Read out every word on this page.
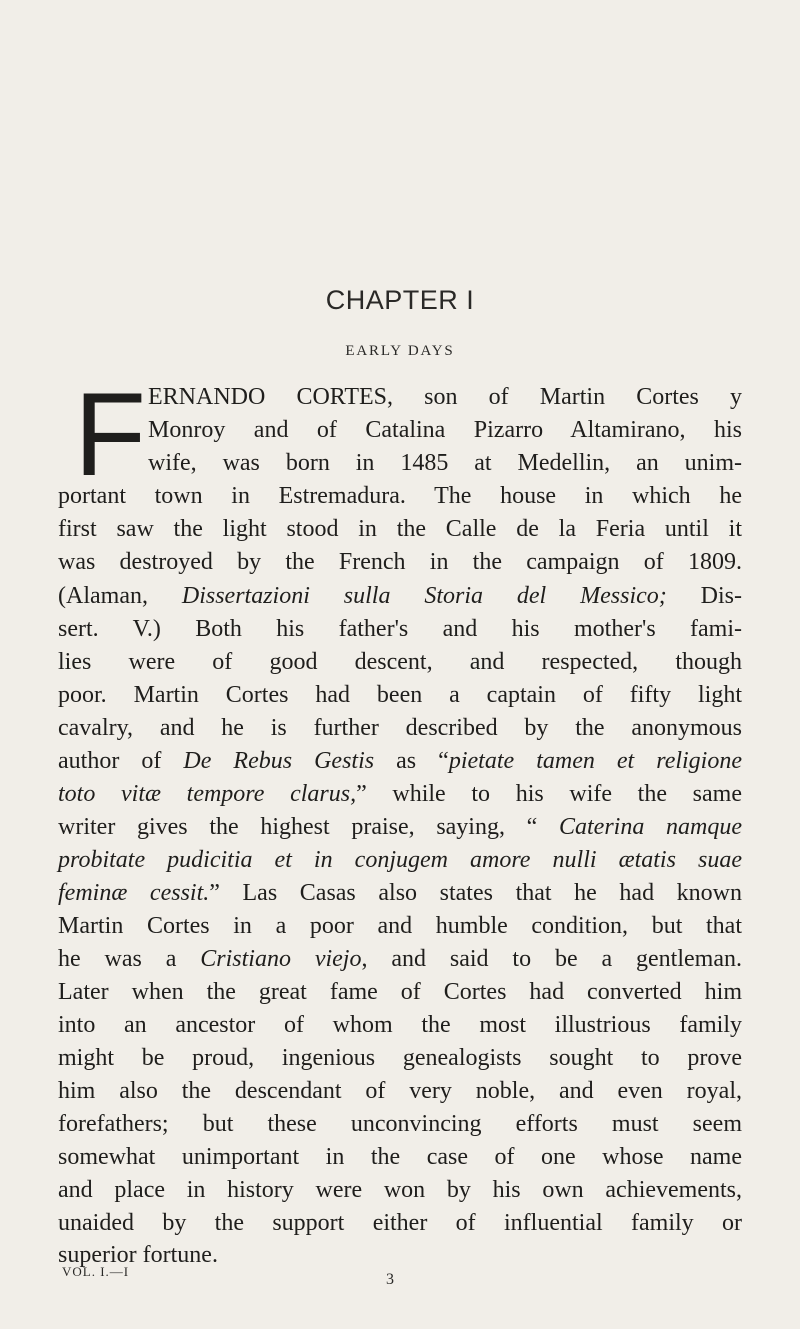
CHAPTER I
EARLY DAYS
F ERNANDO CORTES, son of Martin Cortes y
Monroy and of Catalina Pizarro Altamirano, his
wife, was born in 1485 at Medellin, an unim-
portant town in Estremadura. The house in which he
first saw the light stood in the Calle de la Feria until it
was destroyed by the French in the campaign of 1809.
(Alaman, Dissertazioni sulla Storia del Messico; Dis-
sert. V.) Both his father's and his mother's fami-
lies were of good descent, and respected, though
poor. Martin Cortes had been a captain of fifty light
cavalry, and he is further described by the anonymous
author of De Rebus Gestis as “pietate tamen et religione
toto vitæ tempore clarus,” while to his wife the same
writer gives the highest praise, saying, “ Caterina namque
probitate pudicitia et in conjugem amore nulli ætatis suae
feminæ cessit.” Las Casas also states that he had known
Martin Cortes in a poor and humble condition, but that
he was a Cristiano viejo, and said to be a gentleman.
Later when the great fame of Cortes had converted him
into an ancestor of whom the most illustrious family
might be proud, ingenious genealogists sought to prove
him also the descendant of very noble, and even royal,
forefathers; but these unconvincing efforts must seem
somewhat unimportant in the case of one whose name
and place in history were won by his own achievements,
unaided by the support either of influential family or
superior fortune.
VOL. I.—I	3
